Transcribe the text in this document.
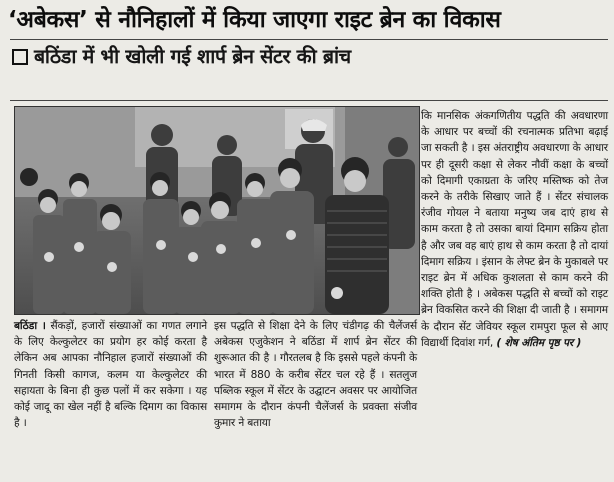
‘अबेकस’ से नौनिहालों में किया जाएगा राइट ब्रेन का विकास
बठिंडा में भी खोली गई शार्प ब्रेन सेंटर की ब्रांच

कि मानसिक अंकगणितीय पद्धति की अवधारणा के आधार पर बच्चों की रचनात्मक प्रतिभा बढ़ाई जा सकती है । इस अंतराष्ट्रीय अवधारणा के आधार पर ही दूसरी कक्षा से लेकर नौवीं कक्षा के बच्चों को दिमागी एकाग्रता के जरिए मस्तिष्क को तेज करने के तरीके सिखाए जाते हैं । सेंटर संचालक रंजीव गोयल ने बताया मनुष्य जब दाएं हाथ से काम करता है तो उसका बायां दिमाग सक्रिय होता है और जब वह बाएं हाथ से काम करता है तो दायां दिमाग सक्रिय । इंसान के लेफ्ट ब्रेन के मुकाबले पर राइट ब्रेन में अधिक कुशलता से काम करने की शक्ति होती है । अबेकस पद्धति से बच्चों को राइट ब्रेन विकसित करने की शिक्षा दी जाती है । समागम के दौरान सेंट जेवियर स्कूल रामपुरा फूल से आए विद्यार्थी दिवांश गर्ग, ( शेष अंतिम पृष्ठ पर )

बठिंडा । सैंकड़ों, हजारों संख्याओं का गणत लगाने के लिए केल्कुलेटर का प्रयोग हर कोई करता है लेकिन अब आपका नौनिहाल हजारों संख्याओं की गिनती किसी कागज, कलम या केल्कुलेटर की सहायता के बिना ही कुछ पलों में कर सकेगा । यह कोई जादू का खेल नहीं है बल्कि दिमाग का विकास है ।

इस पद्धति से शिक्षा देने के लिए चंडीगढ़ की चैलेंजर्स अबेकस एजुकेशन ने बठिंडा में शार्प ब्रेन सेंटर की शुरूआत की है । गौरतलब है कि इससे पहले कंपनी के भारत में 880 के करीब सेंटर चल रहे हैं । सतलुज पब्लिक स्कूल में सेंटर के उद्घाटन अवसर पर आयोजित समागम के दौरान कंपनी चैलेंजर्स के प्रवक्ता संजीव कुमार ने बताया
